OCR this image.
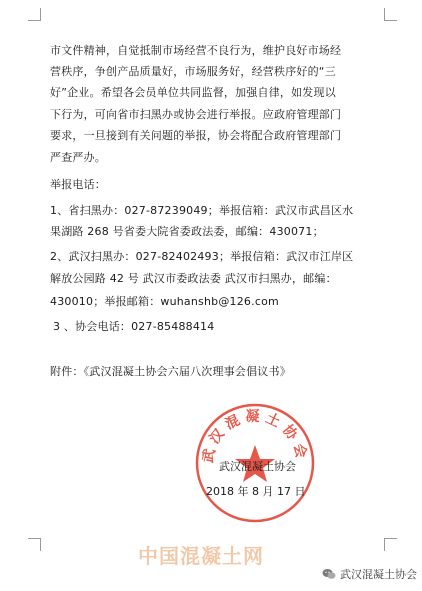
市文件精神，自觉抵制市场经营不良行为，维护良好市场经
营秩序，争创产品质量好，市场服务好，经营秩序好的“三
好”企业。希望各会员单位共同监督，加强自律，如发现以
下行为，可向省市扫黑办或协会进行举报。应政府管理部门
要求，一旦接到有关问题的举报，协会将配合政府管理部门
严查严办。
举报电话：
1、省扫黑办：027-87239049；举报信箱：武汉市武昌区水
果湖路 268 号省委大院省委政法委，邮编：430071；
2、武汉扫黑办：027-82402493；举报信箱：武汉市江岸区
解放公园路 42 号 武汉市委政法委 武汉市扫黑办，邮编：
430010；举报邮箱：wuhanshb@126.com
3 、协会电话：027-85488414
附件：《武汉混凝土协会六届八次理事会倡议书》
武汉混凝土协会
武汉混凝土协会
2018 年 8 月 17 日
中国混凝土网
武汉混凝土协会
